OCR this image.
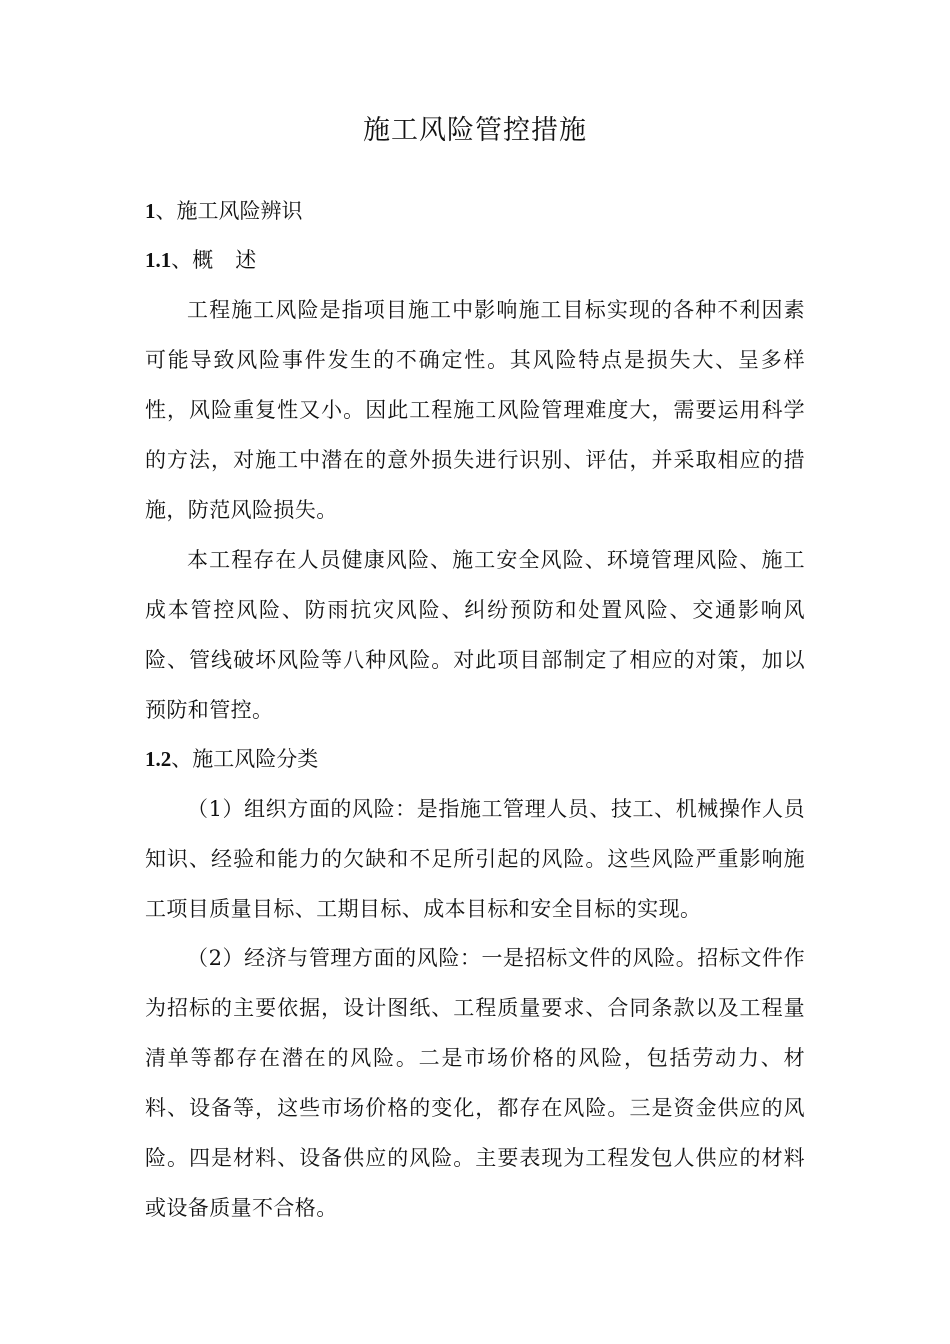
施工风险管控措施
1、施工风险辨识
1.1、概 述

工程施工风险是指项目施工中影响施工目标实现的各种不利因素可能导致风险事件发生的不确定性。其风险特点是损失大、呈多样性，风险重复性又小。因此工程施工风险管理难度大，需要运用科学的方法，对施工中潜在的意外损失进行识别、评估，并采取相应的措施，防范风险损失。

本工程存在人员健康风险、施工安全风险、环境管理风险、施工成本管控风险、防雨抗灾风险、纠纷预防和处置风险、交通影响风险、管线破坏风险等八种风险。对此项目部制定了相应的对策，加以预防和管控。

1.2、施工风险分类

（1）组织方面的风险：是指施工管理人员、技工、机械操作人员知识、经验和能力的欠缺和不足所引起的风险。这些风险严重影响施工项目质量目标、工期目标、成本目标和安全目标的实现。

（2）经济与管理方面的风险：一是招标文件的风险。招标文件作为招标的主要依据，设计图纸、工程质量要求、合同条款以及工程量清单等都存在潜在的风险。二是市场价格的风险，包括劳动力、材料、设备等，这些市场价格的变化，都存在风险。三是资金供应的风险。四是材料、设备供应的风险。主要表现为工程发包人供应的材料或设备质量不合格。
